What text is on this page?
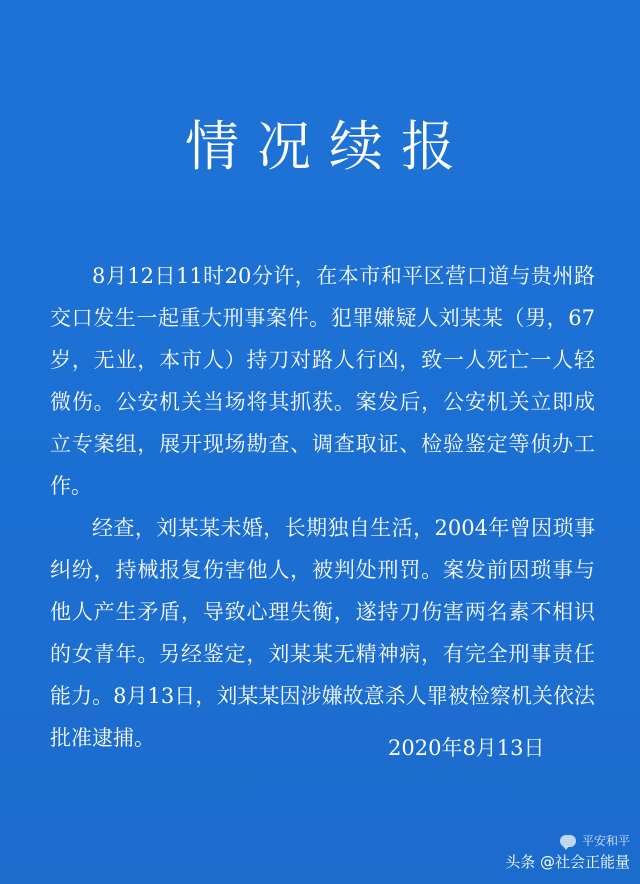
情况续报

8月12日11时20分许，在本市和平区营口道与贵州路交口发生一起重大刑事案件。犯罪嫌疑人刘某某（男，67岁，无业，本市人）持刀对路人行凶，致一人死亡一人轻微伤。公安机关当场将其抓获。案发后，公安机关立即成立专案组，展开现场勘查、调查取证、检验鉴定等侦办工作。

经查，刘某某未婚，长期独自生活，2004年曾因琐事纠纷，持械报复伤害他人，被判处刑罚。案发前因琐事与他人产生矛盾，导致心理失衡，遂持刀伤害两名素不相识的女青年。另经鉴定，刘某某无精神病，有完全刑事责任能力。8月13日，刘某某因涉嫌故意杀人罪被检察机关依法批准逮捕。	2020年8月13日
平安和平
头条 @社会正能量
